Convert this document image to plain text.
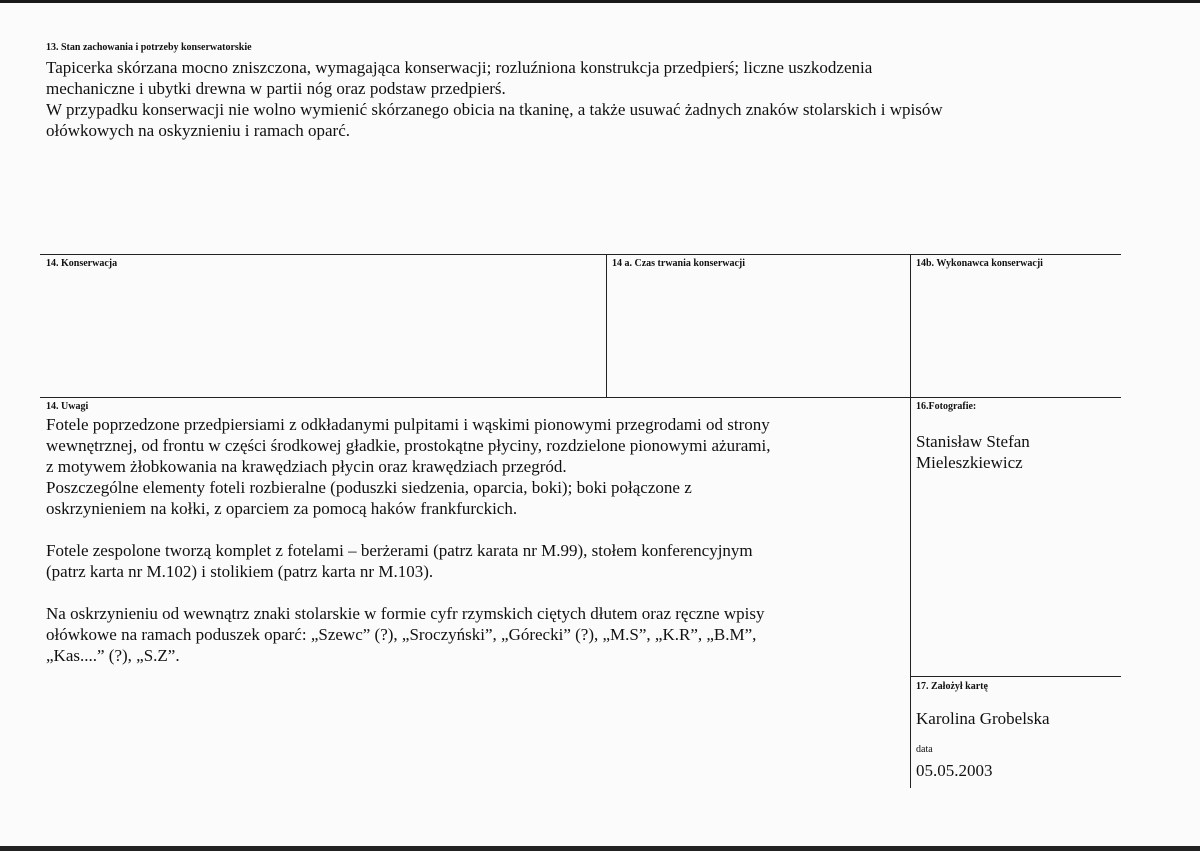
13. Stan zachowania i potrzeby konserwatorskie

Tapicerka skórzana mocno zniszczona, wymagająca konserwacji; rozluźniona konstrukcja przedpierś; liczne uszkodzenia

mechaniczne i ubytki drewna w partii nóg oraz podstaw przedpierś.

W przypadku konserwacji nie wolno wymienić skórzanego obicia na tkaninę, a także usuwać żadnych znaków stolarskich i wpisów

ołówkowych na oskyznieniu i ramach oparć.

14. Konserwacja	14 a. Czas trwania konserwacji	14b. Wykonawca konserwacji
14. Uwagi

Fotele poprzedzone przedpiersiami z odkładanymi pulpitami i wąskimi pionowymi przegrodami od strony

wewnętrznej, od frontu w części środkowej gładkie, prostokątne płyciny, rozdzielone pionowymi ażurami,

z motywem żłobkowania na krawędziach płycin oraz krawędziach przegród.

Poszczególne elementy foteli rozbieralne (poduszki siedzenia, oparcia, boki); boki połączone z

oskrzynieniem na kołki, z oparciem za pomocą haków frankfurckich.

Fotele zespolone tworzą komplet z fotelami – berżerami (patrz karata nr M.99), stołem konferencyjnym

(patrz karta nr M.102) i stolikiem (patrz karta nr M.103).

Na oskrzynieniu od wewnątrz znaki stolarskie w formie cyfr rzymskich ciętych dłutem oraz ręczne wpisy

ołówkowe na ramach poduszek oparć: „Szewc” (?), „Sroczyński”, „Górecki” (?), „M.S”, „K.R”, „B.M”,

„Kas....” (?), „S.Z”.

16.Fotografie:

Stanisław Stefan

Mieleszkiewicz

17. Założył kartę
Karolina Grobelska
data
05.05.2003
